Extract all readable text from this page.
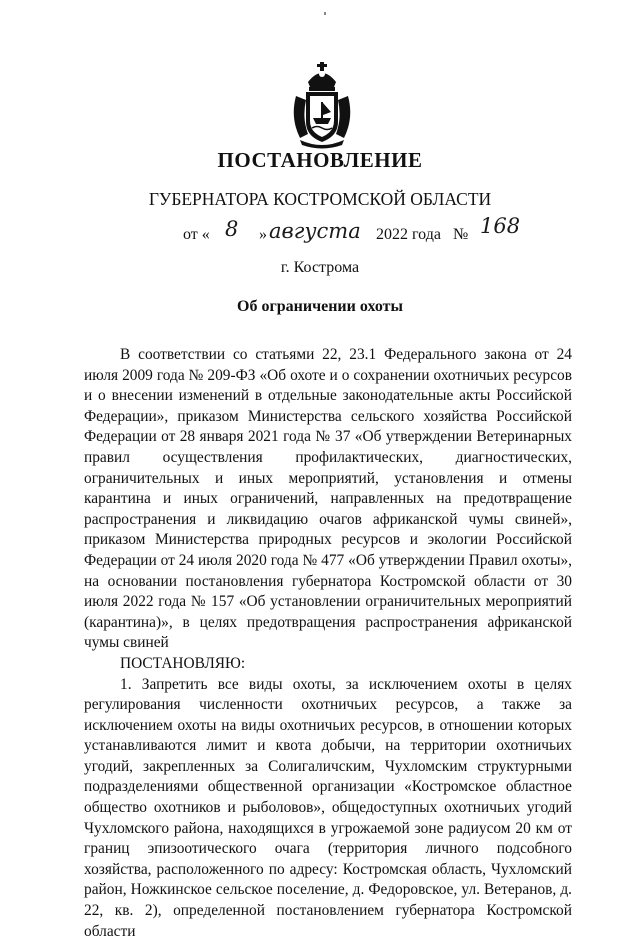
ПОСТАНОВЛЕНИЕ
ГУБЕРНАТОРА КОСТРОМСКОЙ ОБЛАСТИ
от « 8 » августа 2022 года № 168
г. Кострома
Об ограничении охоты

В соответствии со статьями 22, 23.1 Федерального закона от 24 июля 2009 года № 209-ФЗ «Об охоте и о сохранении охотничьих ресурсов и о внесении изменений в отдельные законодательные акты Российской Федерации», приказом Министерства сельского хозяйства Российской Федерации от 28 января 2021 года № 37 «Об утверждении Ветеринарных правил осуществления профилактических, диагностических, ограничительных и иных мероприятий, установления и отмены карантина и иных ограничений, направленных на предотвращение распространения и ликвидацию очагов африканской чумы свиней», приказом Министерства природных ресурсов и экологии Российской Федерации от 24 июля 2020 года № 477 «Об утверждении Правил охоты», на основании постановления губернатора Костромской области от 30 июля 2022 года № 157 «Об установлении ограничительных мероприятий (карантина)», в целях предотвращения распространения африканской чумы свиней

ПОСТАНОВЛЯЮ:

1. Запретить все виды охоты, за исключением охоты в целях регулирования численности охотничьих ресурсов, а также за исключением охоты на виды охотничьих ресурсов, в отношении которых устанавливаются лимит и квота добычи, на территории охотничьих угодий, закрепленных за Солигаличским, Чухломским структурными подразделениями общественной организации «Костромское областное общество охотников и рыболовов», общедоступных охотничьих угодий Чухломского района, находящихся в угрожаемой зоне радиусом 20 км от границ эпизоотического очага (территория личного подсобного хозяйства, расположенного по адресу: Костромская область, Чухломский район, Ножкинское сельское поселение, д. Федоровское, ул. Ветеранов, д. 22, кв. 2), определенной постановлением губернатора Костромской области
